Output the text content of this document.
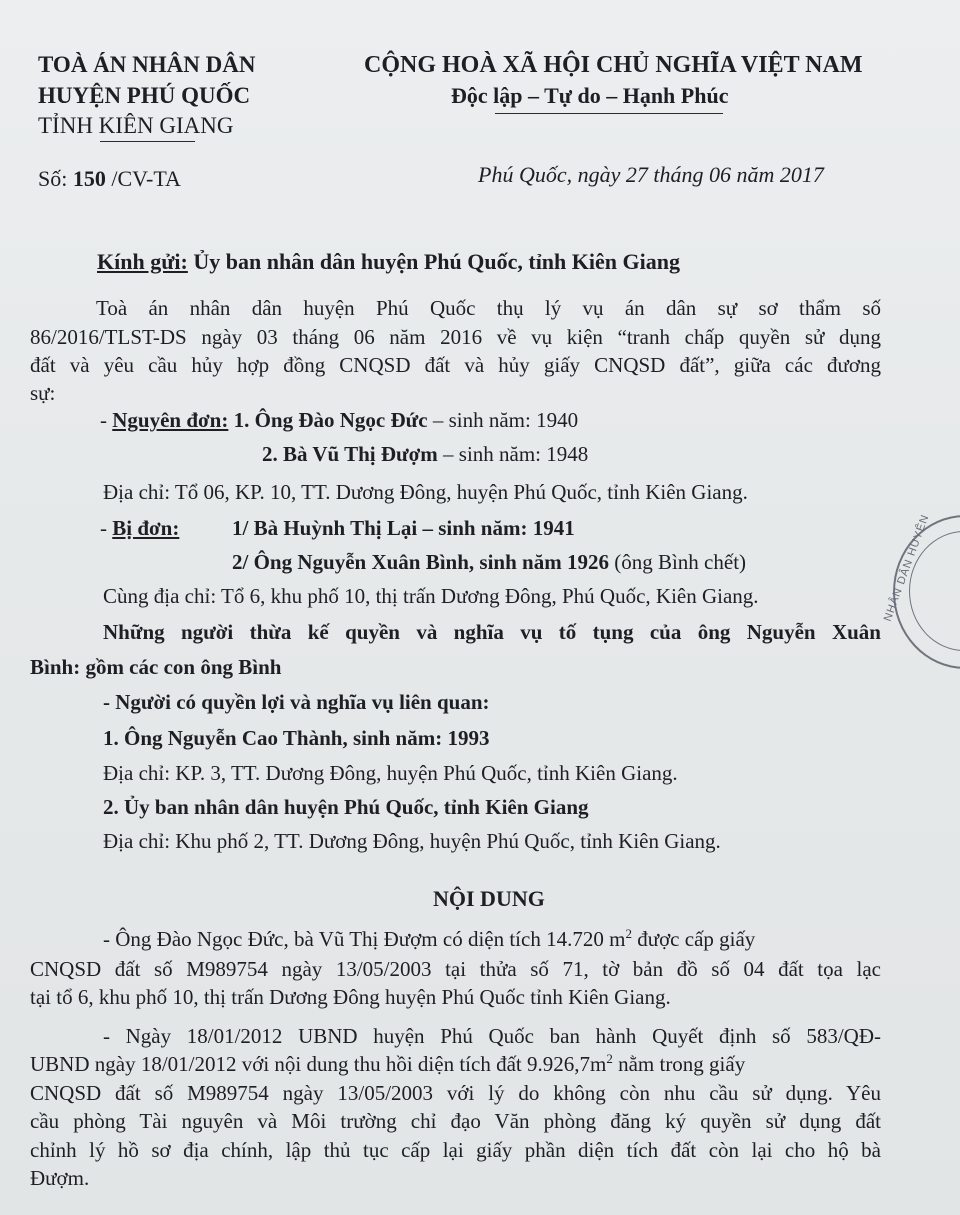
TOÀ ÁN NHÂN DÂN
HUYỆN PHÚ QUỐC
TỈNH KIÊN GIANG
CỘNG HOÀ XÃ HỘI CHỦ NGHĨA VIỆT NAM
Độc lập – Tự do – Hạnh Phúc
Số: 150 /CV-TA	Phú Quốc, ngày 27 tháng 06 năm 2017
Kính gửi: Ủy ban nhân dân huyện Phú Quốc, tỉnh Kiên Giang
Toà án nhân dân huyện Phú Quốc thụ lý vụ án dân sự sơ thẩm số
86/2016/TLST-DS ngày 03 tháng 06 năm 2016 về vụ kiện “tranh chấp quyền sử dụng
đất và yêu cầu hủy hợp đồng CNQSD đất và hủy giấy CNQSD đất”, giữa các đương
sự:
- Nguyên đơn: 1. Ông Đào Ngọc Đức – sinh năm: 1940
2. Bà Vũ Thị Đượm – sinh năm: 1948
Địa chỉ: Tổ 06, KP. 10, TT. Dương Đông, huyện Phú Quốc, tỉnh Kiên Giang.
- Bị đơn:	1/ Bà Huỳnh Thị Lại – sinh năm: 1941
2/ Ông Nguyễn Xuân Bình, sinh năm 1926 (ông Bình chết)
Cùng địa chỉ: Tổ 6, khu phố 10, thị trấn Dương Đông, Phú Quốc, Kiên Giang.
Những người thừa kế quyền và nghĩa vụ tố tụng của ông Nguyễn Xuân
Bình: gồm các con ông Bình
- Người có quyền lợi và nghĩa vụ liên quan:
1. Ông Nguyễn Cao Thành, sinh năm: 1993
Địa chỉ: KP. 3, TT. Dương Đông, huyện Phú Quốc, tỉnh Kiên Giang.
2. Ủy ban nhân dân huyện Phú Quốc, tỉnh Kiên Giang
Địa chỉ: Khu phố 2, TT. Dương Đông, huyện Phú Quốc, tỉnh Kiên Giang.
NỘI DUNG
- Ông Đào Ngọc Đức, bà Vũ Thị Đượm có diện tích 14.720 $m^2$ được cấp giấy
CNQSD đất số M989754 ngày 13/05/2003 tại thửa số 71, tờ bản đồ số 04 đất tọa lạc
tại tổ 6, khu phố 10, thị trấn Dương Đông huyện Phú Quốc tỉnh Kiên Giang.
- Ngày 18/01/2012 UBND huyện Phú Quốc ban hành Quyết định số 583/QĐ-
UBND ngày 18/01/2012 với nội dung thu hồi diện tích đất $9.926,7m^2$ nằm trong giấy
CNQSD đất số M989754 ngày 13/05/2003 với lý do không còn nhu cầu sử dụng. Yêu
cầu phòng Tài nguyên và Môi trường chỉ đạo Văn phòng đăng ký quyền sử dụng đất
chỉnh lý hồ sơ địa chính, lập thủ tục cấp lại giấy phần diện tích đất còn lại cho hộ bà
Đượm.
NHÂN DÂN HUYỆN
